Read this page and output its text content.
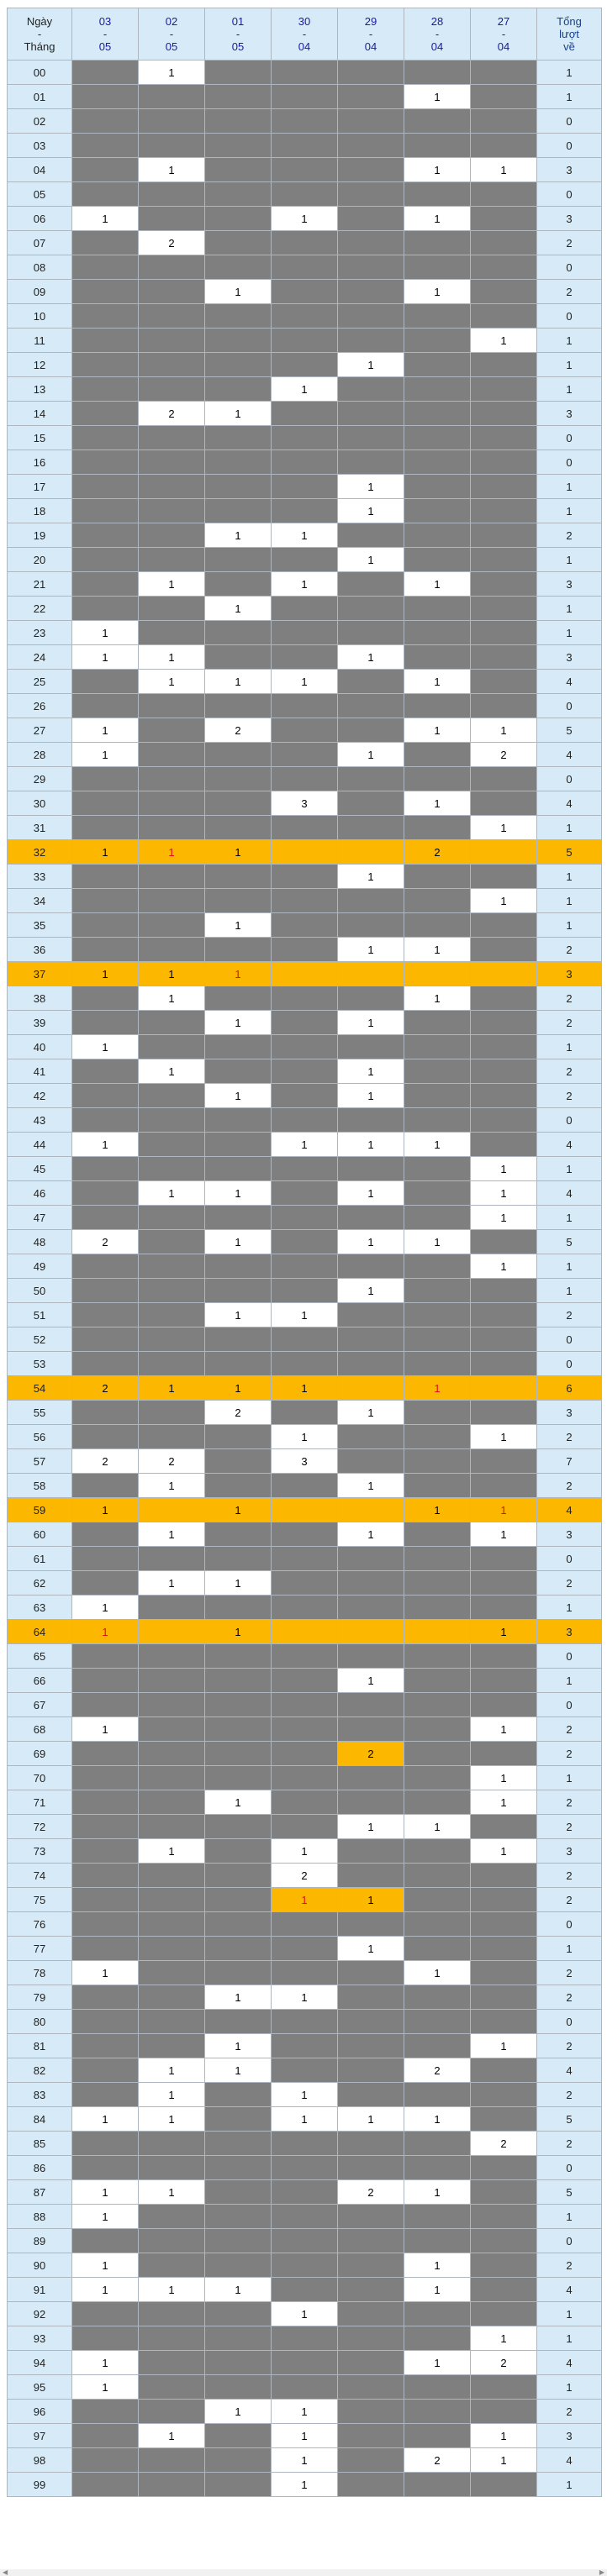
Ngày
-
Tháng	03
-
05	02
-
05	01
-
05	30
-
04	29
-
04	28
-
04	27
-
04	Tổng
lượt
về
00		1						1
01						1		1
02								0
03								0
04		1				1	1	3
05								0
06	1			1		1		3
07		2						2
08								0
09			1			1		2
10								0
11							1	1
12					1			1
13				1				1
14		2	1					3
15								0
16								0
17					1			1
18					1			1
19			1	1				2
20					1			1
21		1		1		1		3
22			1					1
23	1							1
24	1	1			1			3
25		1	1	1		1		4
26								0
27	1		2			1	1	5
28	1				1		2	4
29								0
30				3		1		4
31							1	1
32	1	1	1			2		5
33					1			1
34							1	1
35			1					1
36					1	1		2
37	1	1	1					3
38		1				1		2
39			1		1			2
40	1							1
41		1			1			2
42			1		1			2
43								0
44	1			1	1	1		4
45							1	1
46		1	1		1		1	4
47							1	1
48	2		1		1	1		5
49							1	1
50					1			1
51			1	1				2
52								0
53								0
54	2	1	1	1		1		6
55			2		1			3
56				1			1	2
57	2	2		3				7
58		1			1			2
59	1		1			1	1	4
60		1			1		1	3
61								0
62		1	1					2
63	1							1
64	1		1				1	3
65								0
66					1			1
67								0
68	1						1	2
69					2			2
70							1	1
71			1				1	2
72					1	1		2
73		1		1			1	3
74				2				2
75				1	1			2
76								0
77					1			1
78	1					1		2
79			1	1				2
80								0
81			1				1	2
82		1	1			2		4
83		1		1				2
84	1	1		1	1	1		5
85							2	2
86								0
87	1	1			2	1		5
88	1							1
89								0
90	1					1		2
91	1	1	1			1		4
92				1				1
93							1	1
94	1					1	2	4
95	1							1
96			1	1				2
97		1		1			1	3
98				1		2	1	4
99				1				1
◀	▶
